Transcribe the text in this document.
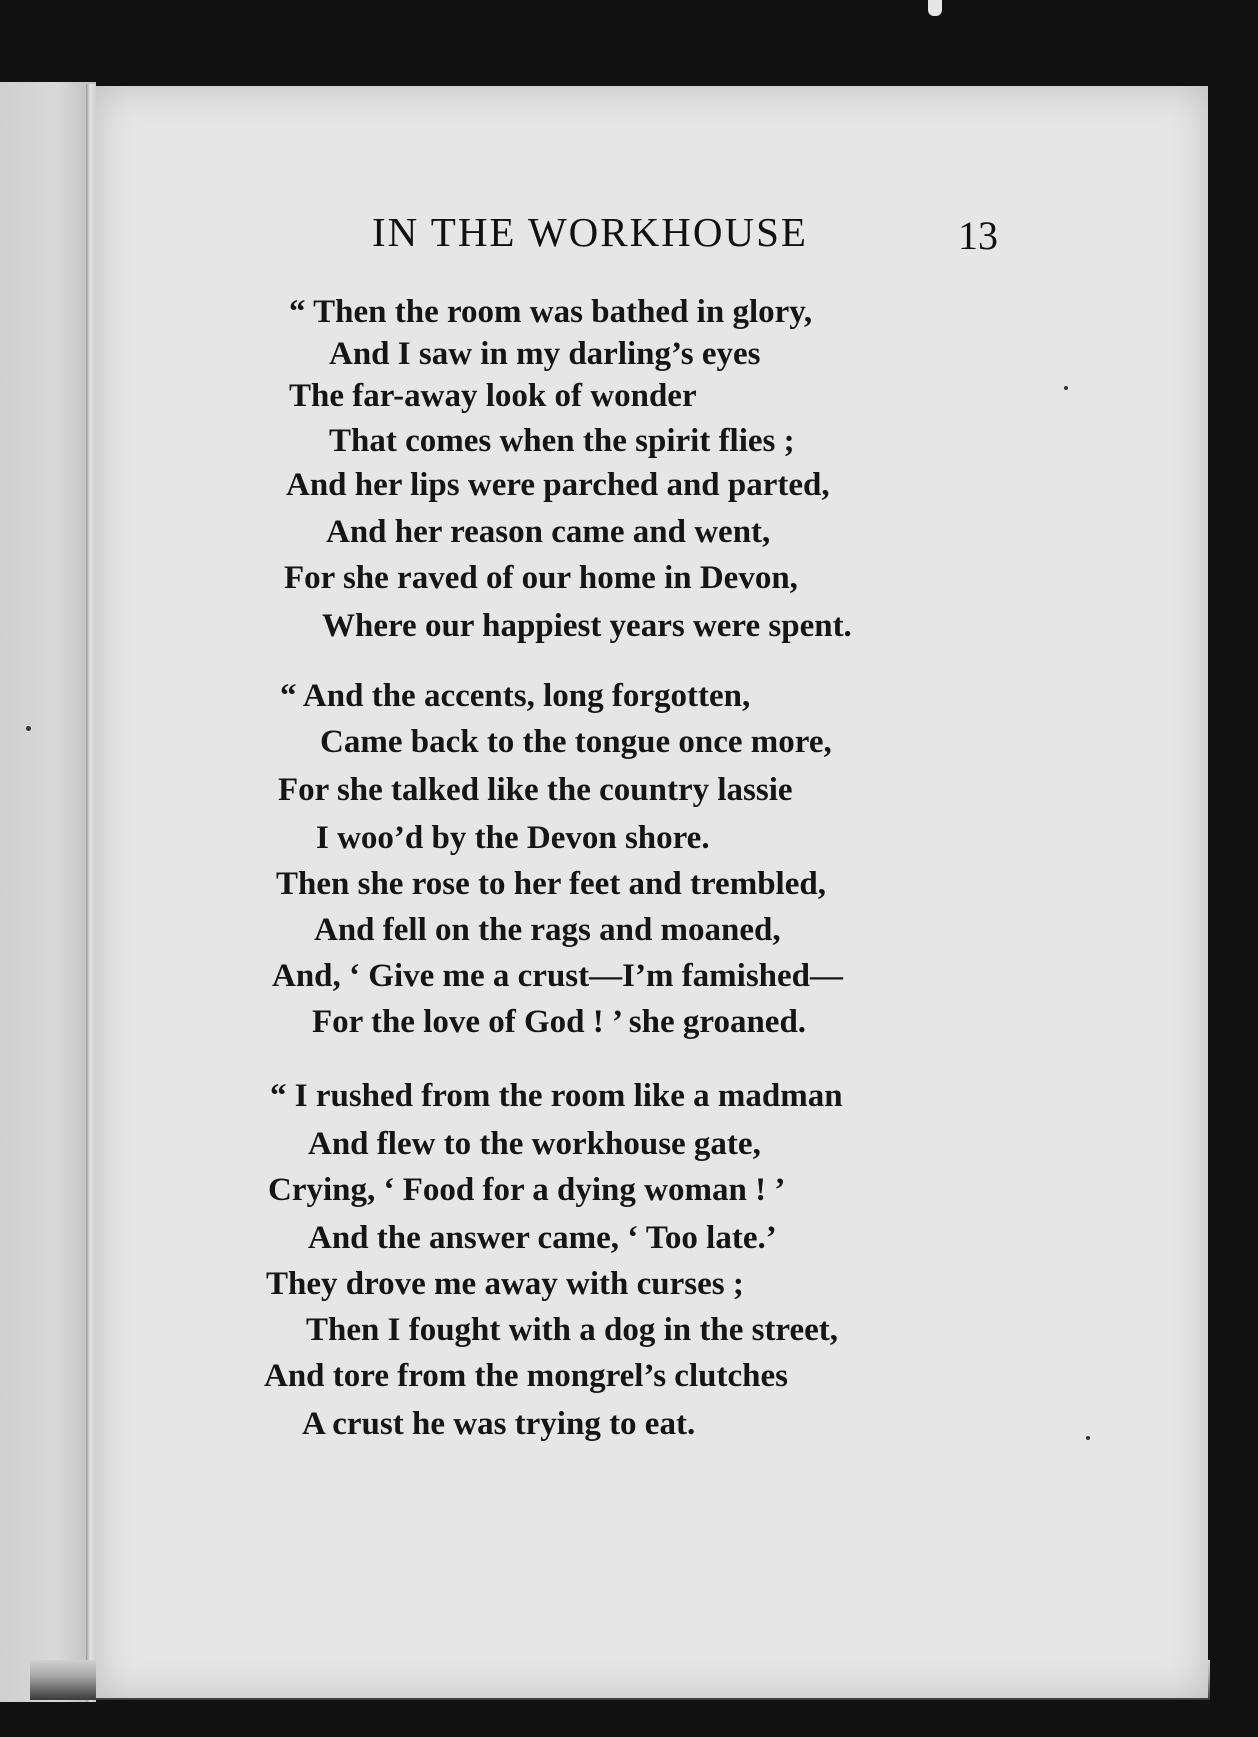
IN THE WORKHOUSE	13
“ Then the room was bathed in glory,
And I saw in my darling’s eyes
The far-away look of wonder
That comes when the spirit flies ;
And her lips were parched and parted,
And her reason came and went,
For she raved of our home in Devon,
Where our happiest years were spent.
“ And the accents, long forgotten,
Came back to the tongue once more,
For she talked like the country lassie
I woo’d by the Devon shore.
Then she rose to her feet and trembled,
And fell on the rags and moaned,
And, ‘ Give me a crust—I’m famished—
For the love of God ! ’ she groaned.
“ I rushed from the room like a madman
And flew to the workhouse gate,
Crying, ‘ Food for a dying woman ! ’
And the answer came, ‘ Too late.’
They drove me away with curses ;
Then I fought with a dog in the street,
And tore from the mongrel’s clutches
A crust he was trying to eat.
